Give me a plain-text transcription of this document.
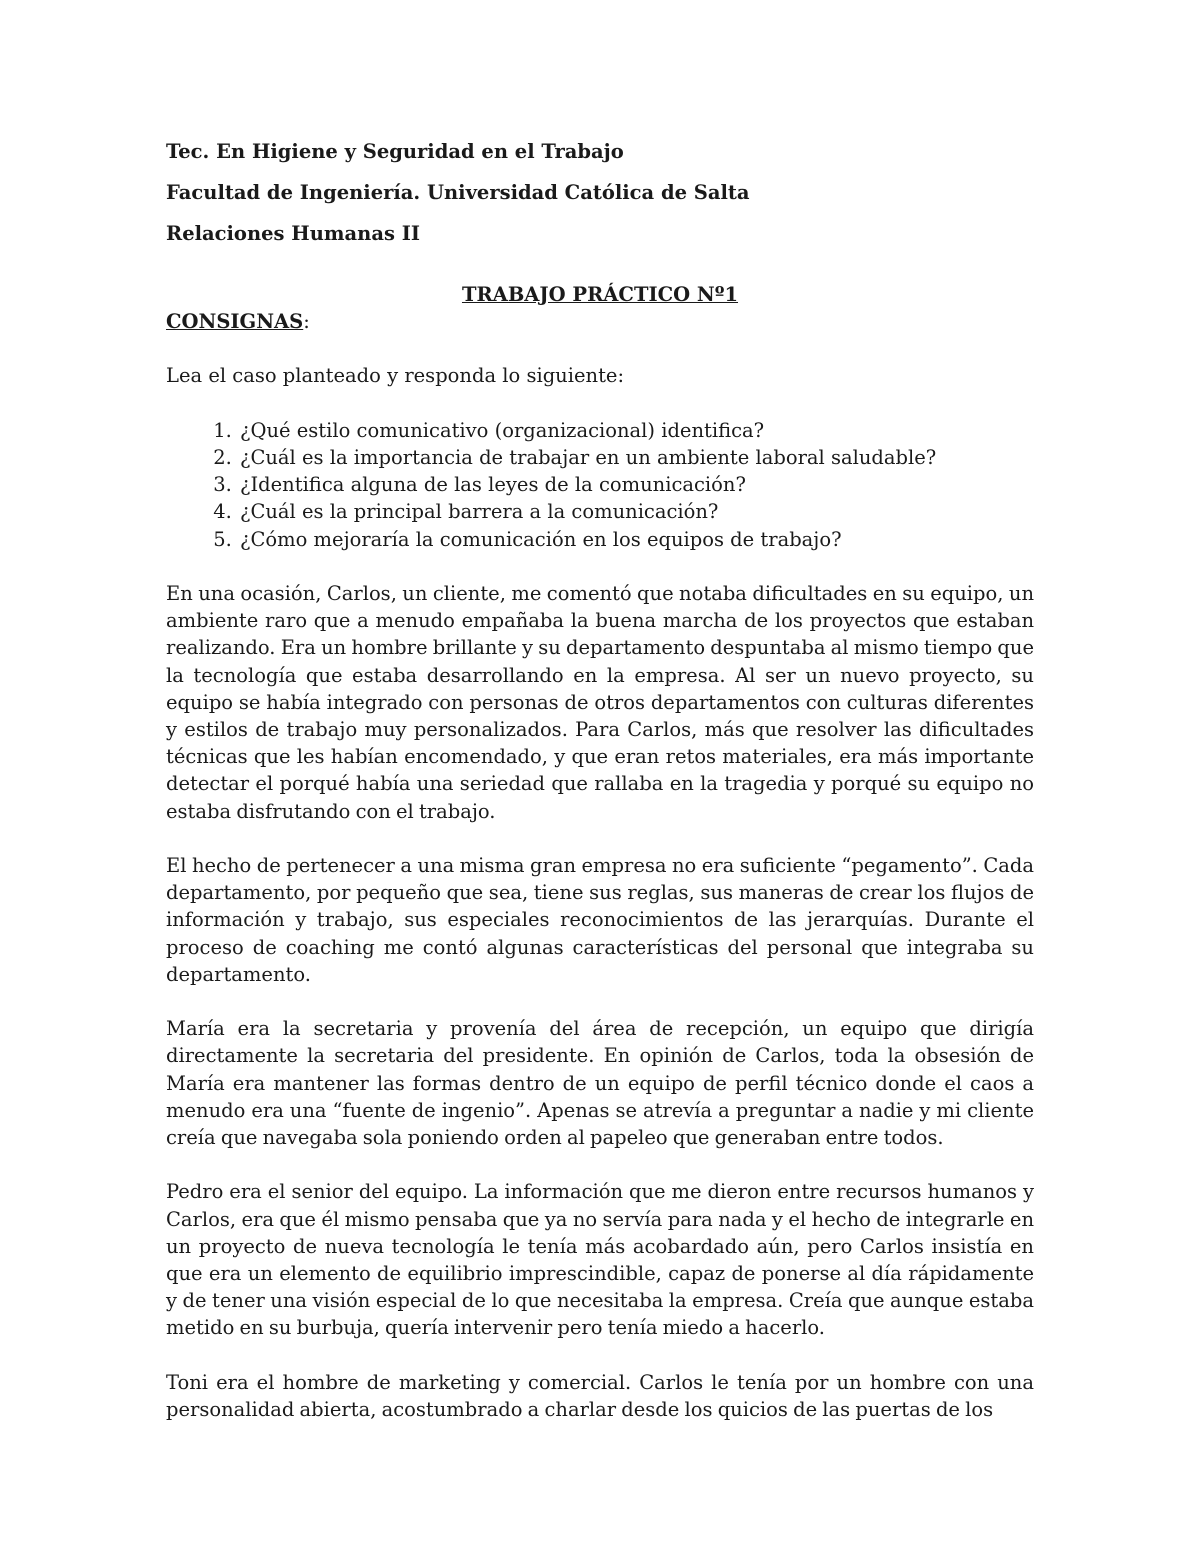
Tec. En Higiene y Seguridad en el Trabajo
Facultad de Ingeniería. Universidad Católica de Salta
Relaciones Humanas II
TRABAJO PRÁCTICO Nº1
CONSIGNAS:
Lea el caso planteado y responda lo siguiente:
1. ¿Qué estilo comunicativo (organizacional) identifica?
2. ¿Cuál es la importancia de trabajar en un ambiente laboral saludable?
3. ¿Identifica alguna de las leyes de la comunicación?
4. ¿Cuál es la principal barrera a la comunicación?
5. ¿Cómo mejoraría la comunicación en los equipos de trabajo?

En una ocasión, Carlos, un cliente, me comentó que notaba dificultades en su equipo, un ambiente raro que a menudo empañaba la buena marcha de los proyectos que estaban realizando. Era un hombre brillante y su departamento despuntaba al mismo tiempo que la tecnología que estaba desarrollando en la empresa. Al ser un nuevo proyecto, su equipo se había integrado con personas de otros departamentos con culturas diferentes y estilos de trabajo muy personalizados. Para Carlos, más que resolver las dificultades técnicas que les habían encomendado, y que eran retos materiales, era más importante detectar el porqué había una seriedad que rallaba en la tragedia y porqué su equipo no estaba disfrutando con el trabajo.

El hecho de pertenecer a una misma gran empresa no era suficiente “pegamento”. Cada departamento, por pequeño que sea, tiene sus reglas, sus maneras de crear los flujos de información y trabajo, sus especiales reconocimientos de las jerarquías. Durante el proceso de coaching me contó algunas características del personal que integraba su departamento.

María era la secretaria y provenía del área de recepción, un equipo que dirigía directamente la secretaria del presidente. En opinión de Carlos, toda la obsesión de María era mantener las formas dentro de un equipo de perfil técnico donde el caos a menudo era una “fuente de ingenio”. Apenas se atrevía a preguntar a nadie y mi cliente creía que navegaba sola poniendo orden al papeleo que generaban entre todos.

Pedro era el senior del equipo. La información que me dieron entre recursos humanos y Carlos, era que él mismo pensaba que ya no servía para nada y el hecho de integrarle en un proyecto de nueva tecnología le tenía más acobardado aún, pero Carlos insistía en que era un elemento de equilibrio imprescindible, capaz de ponerse al día rápidamente y de tener una visión especial de lo que necesitaba la empresa. Creía que aunque estaba metido en su burbuja, quería intervenir pero tenía miedo a hacerlo.

Toni era el hombre de marketing y comercial. Carlos le tenía por un hombre con una personalidad abierta, acostumbrado a charlar desde los quicios de las puertas de los
